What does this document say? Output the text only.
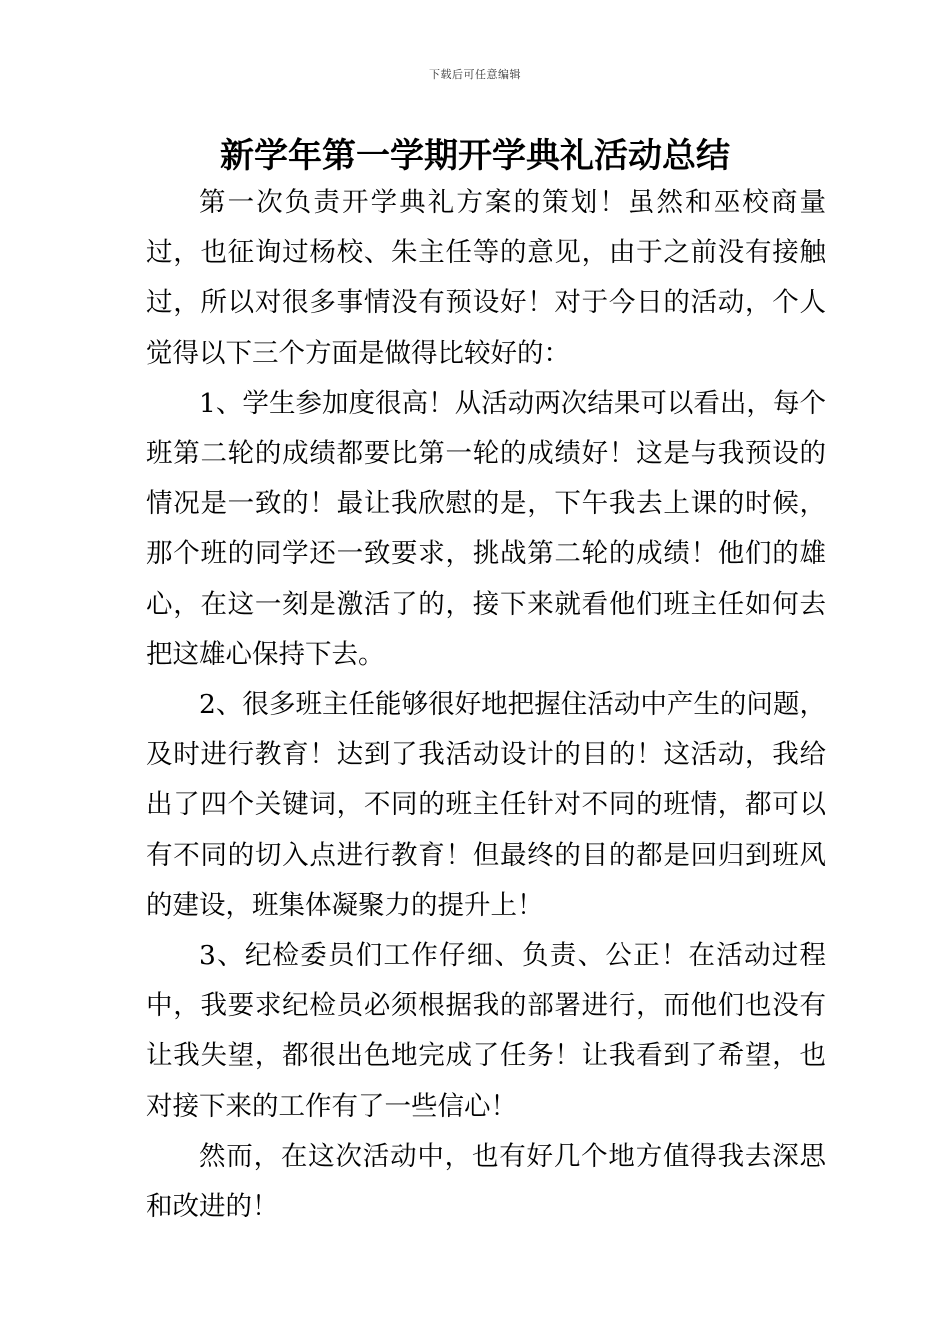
下载后可任意编辑
新学年第一学期开学典礼活动总结

第一次负责开学典礼方案的策划！虽然和巫校商量过，也征询过杨校、朱主任等的意见，由于之前没有接触过，所以对很多事情没有预设好！对于今日的活动，个人觉得以下三个方面是做得比较好的：

1、学生参加度很高！从活动两次结果可以看出，每个班第二轮的成绩都要比第一轮的成绩好！这是与我预设的情况是一致的！最让我欣慰的是，下午我去上课的时候，那个班的同学还一致要求，挑战第二轮的成绩！他们的雄心，在这一刻是激活了的，接下来就看他们班主任如何去把这雄心保持下去。

2、很多班主任能够很好地把握住活动中产生的问题，及时进行教育！达到了我活动设计的目的！这活动，我给出了四个关键词，不同的班主任针对不同的班情，都可以有不同的切入点进行教育！但最终的目的都是回归到班风的建设，班集体凝聚力的提升上！

3、纪检委员们工作仔细、负责、公正！在活动过程中，我要求纪检员必须根据我的部署进行，而他们也没有让我失望，都很出色地完成了任务！让我看到了希望，也对接下来的工作有了一些信心！

然而，在这次活动中，也有好几个地方值得我去深思和改进的！
